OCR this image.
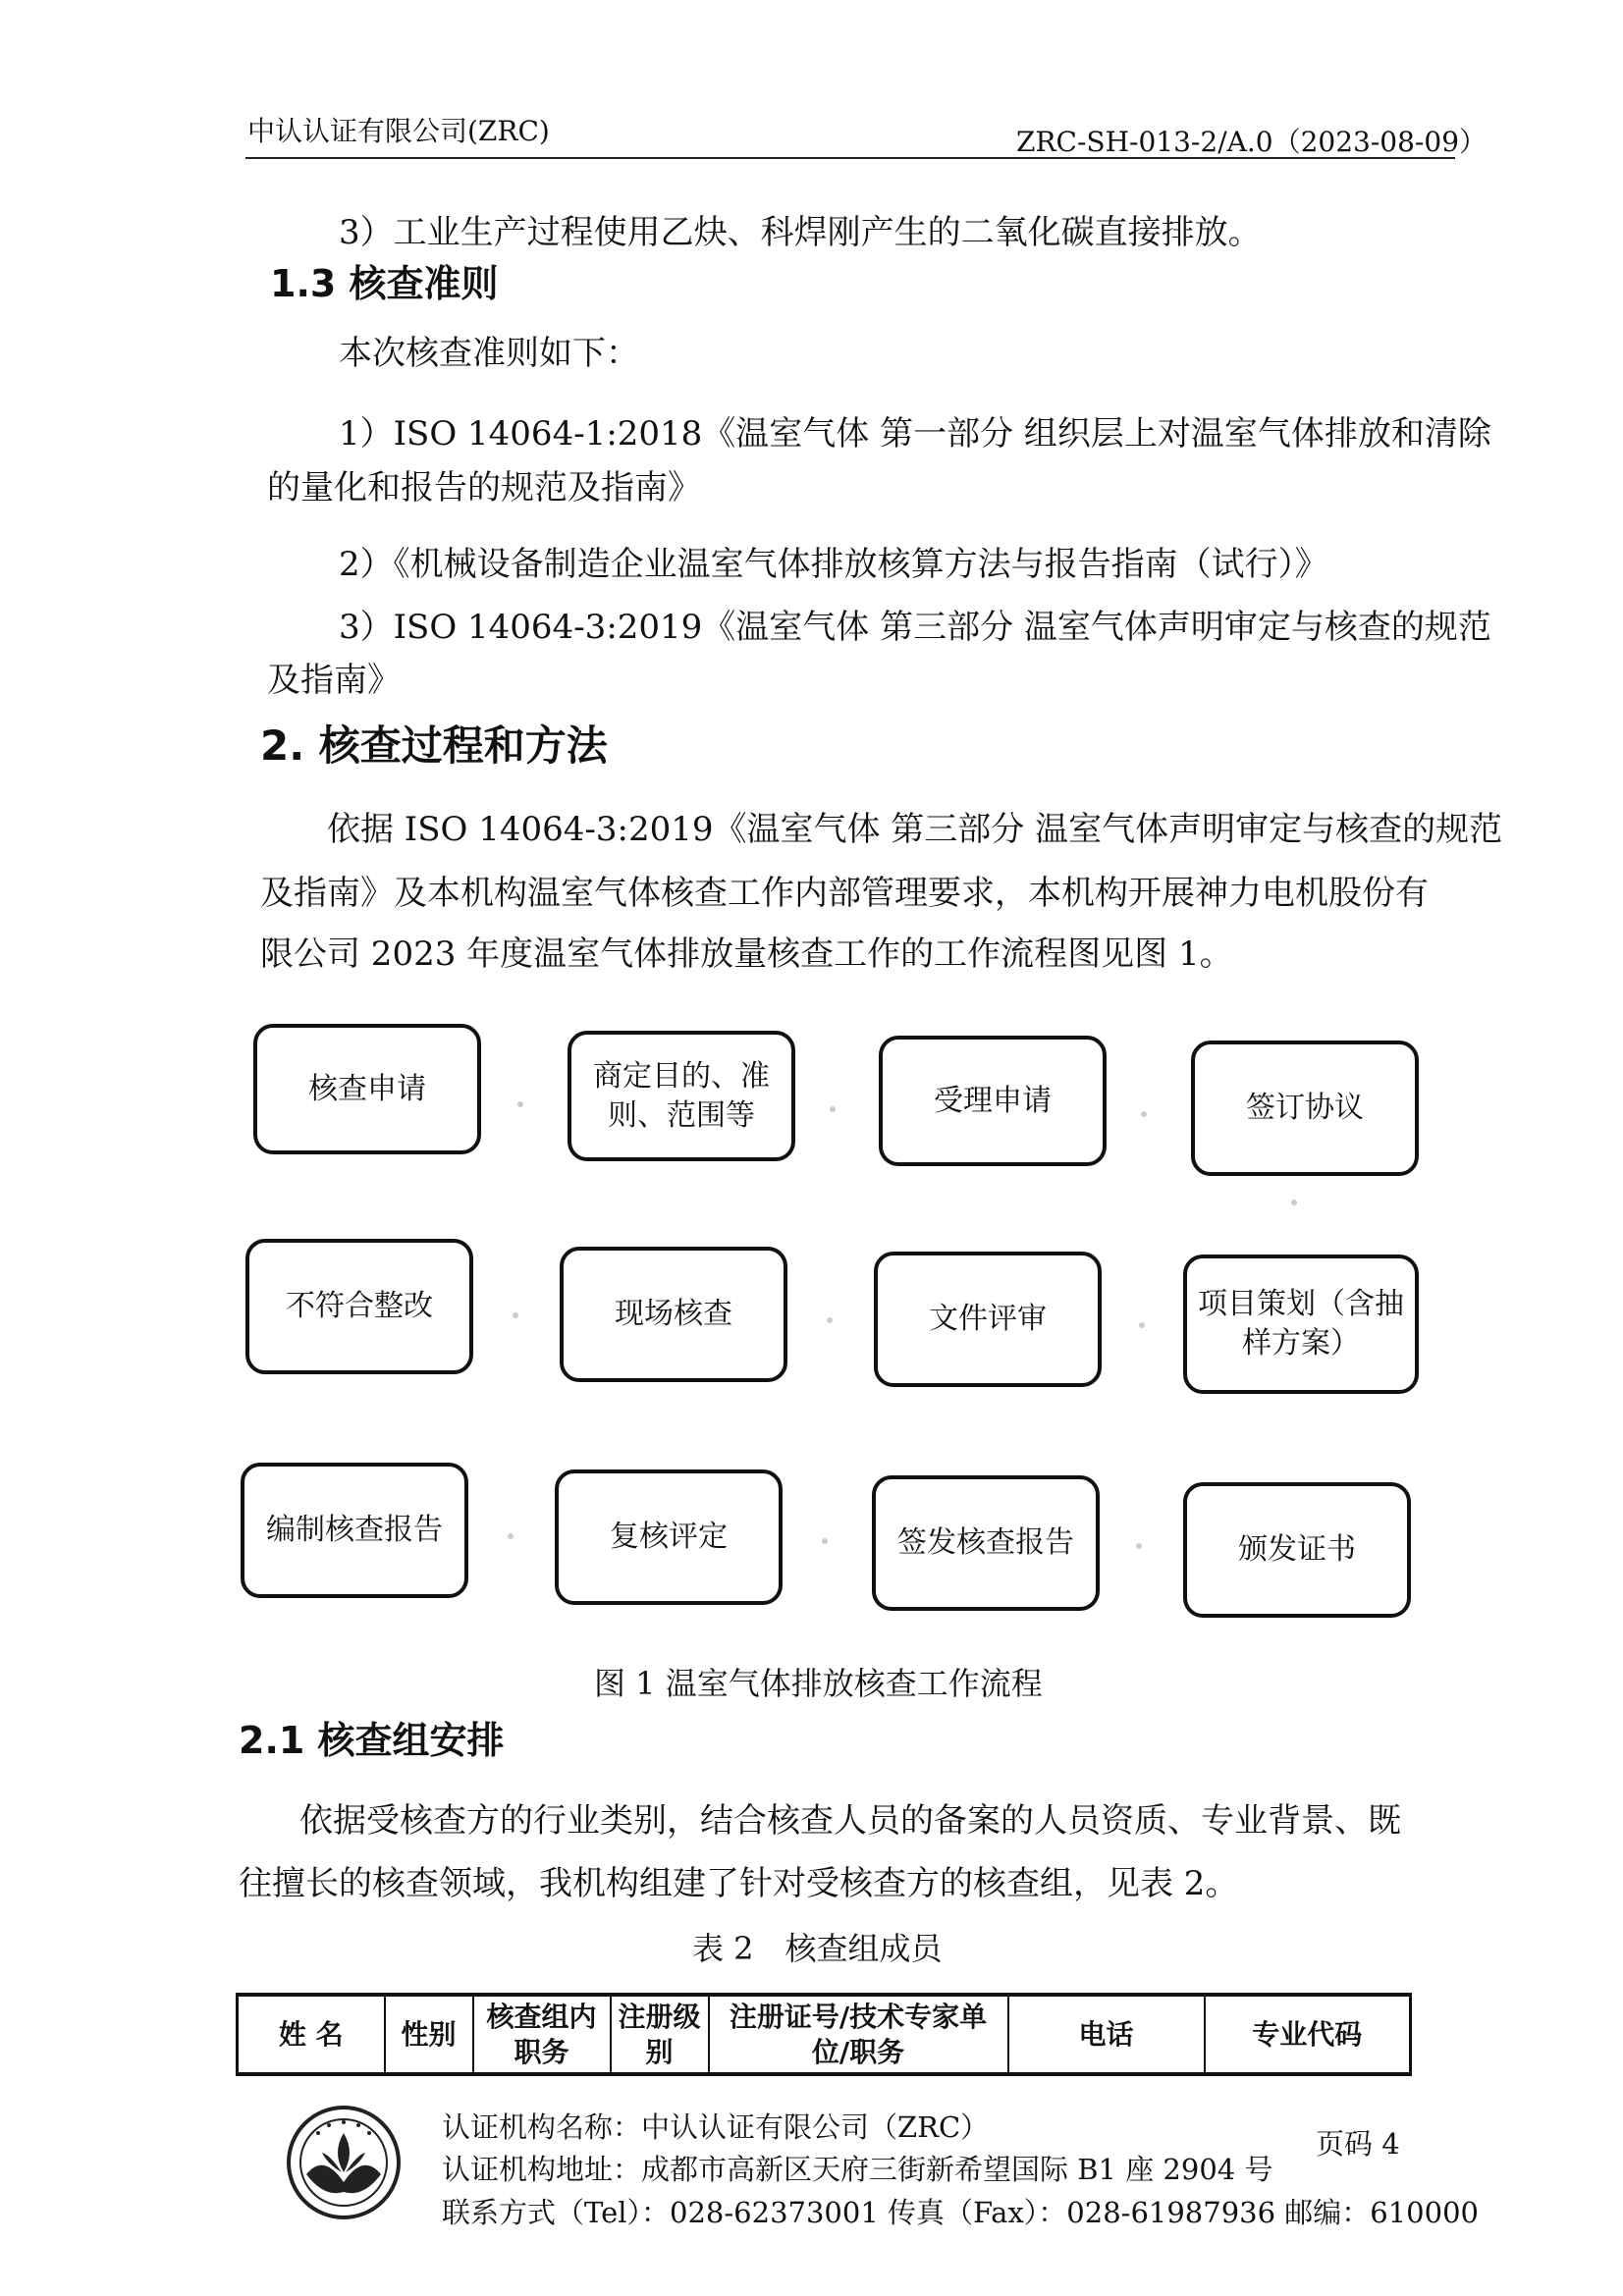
中认认证有限公司(ZRC)	ZRC-SH-013-2/A.0（2023-08-09）
3）工业生产过程使用乙炔、科焊刚产生的二氧化碳直接排放。
1.3 核查准则
本次核查准则如下：
1）ISO 14064-1:2018《温室气体 第一部分 组织层上对温室气体排放和清除
的量化和报告的规范及指南》
2）《机械设备制造企业温室气体排放核算方法与报告指南（试行）》
3）ISO 14064-3:2019《温室气体 第三部分 温室气体声明审定与核查的规范
及指南》
2. 核查过程和方法
依据 ISO 14064-3:2019《温室气体 第三部分 温室气体声明审定与核查的规范
及指南》及本机构温室气体核查工作内部管理要求，本机构开展神力电机股份有
限公司 2023 年度温室气体排放量核查工作的工作流程图见图 1。
核查申请	商定目的、准则、范围等	受理申请	签订协议
不符合整改	现场核查	文件评审	项目策划（含抽样方案）
编制核查报告	复核评定	签发核查报告	颁发证书
图 1 温室气体排放核查工作流程
2.1 核查组安排
依据受核查方的行业类别，结合核查人员的备案的人员资质、专业背景、既
往擅长的核查领域，我机构组建了针对受核查方的核查组，见表 2。
表 2　核查组成员
姓 名	性别	核查组内职务	注册级别	注册证号/技术专家单位/职务	电话	专业代码
认证机构名称：中认认证有限公司（ZRC）
认证机构地址：成都市高新区天府三街新希望国际 B1 座 2904 号
联系方式（Tel）：028-62373001 传真（Fax）：028-61987936 邮编：610000
页码 4
